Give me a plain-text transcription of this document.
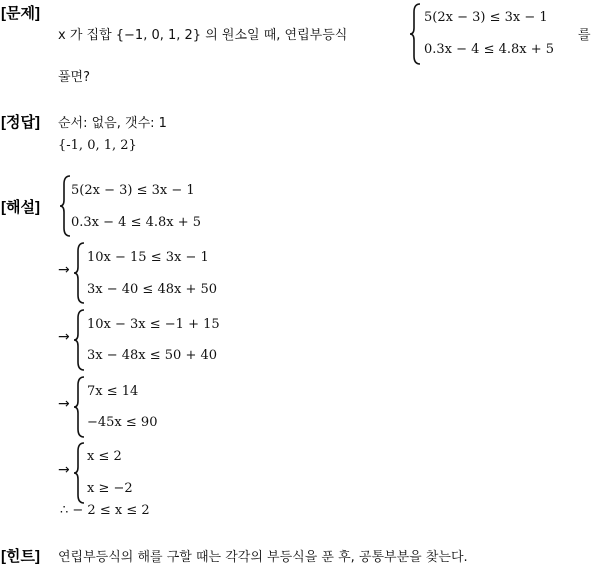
[문제]
x 가 집합 {−1, 0, 1, 2} 의 원소일 때, 연립부등식
5(2x − 3) ≤ 3x − 1
0.3x − 4 ≤ 4.8x + 5
를
풀면?
[정답] 순서: 없음, 갯수: 1
{-1, 0, 1, 2}
[해설]
5(2x − 3) ≤ 3x − 1
0.3x − 4 ≤ 4.8x + 5
→
10x − 15 ≤ 3x − 1
3x − 40 ≤ 48x + 50
→
10x − 3x ≤ −1 + 15
3x − 48x ≤ 50 + 40
→
7x ≤ 14
−45x ≤ 90
→
x ≤ 2
x ≥ −2
∴ − 2 ≤ x ≤ 2
[힌트] 연립부등식의 해를 구할 때는 각각의 부등식을 푼 후, 공통부분을 찾는다.
